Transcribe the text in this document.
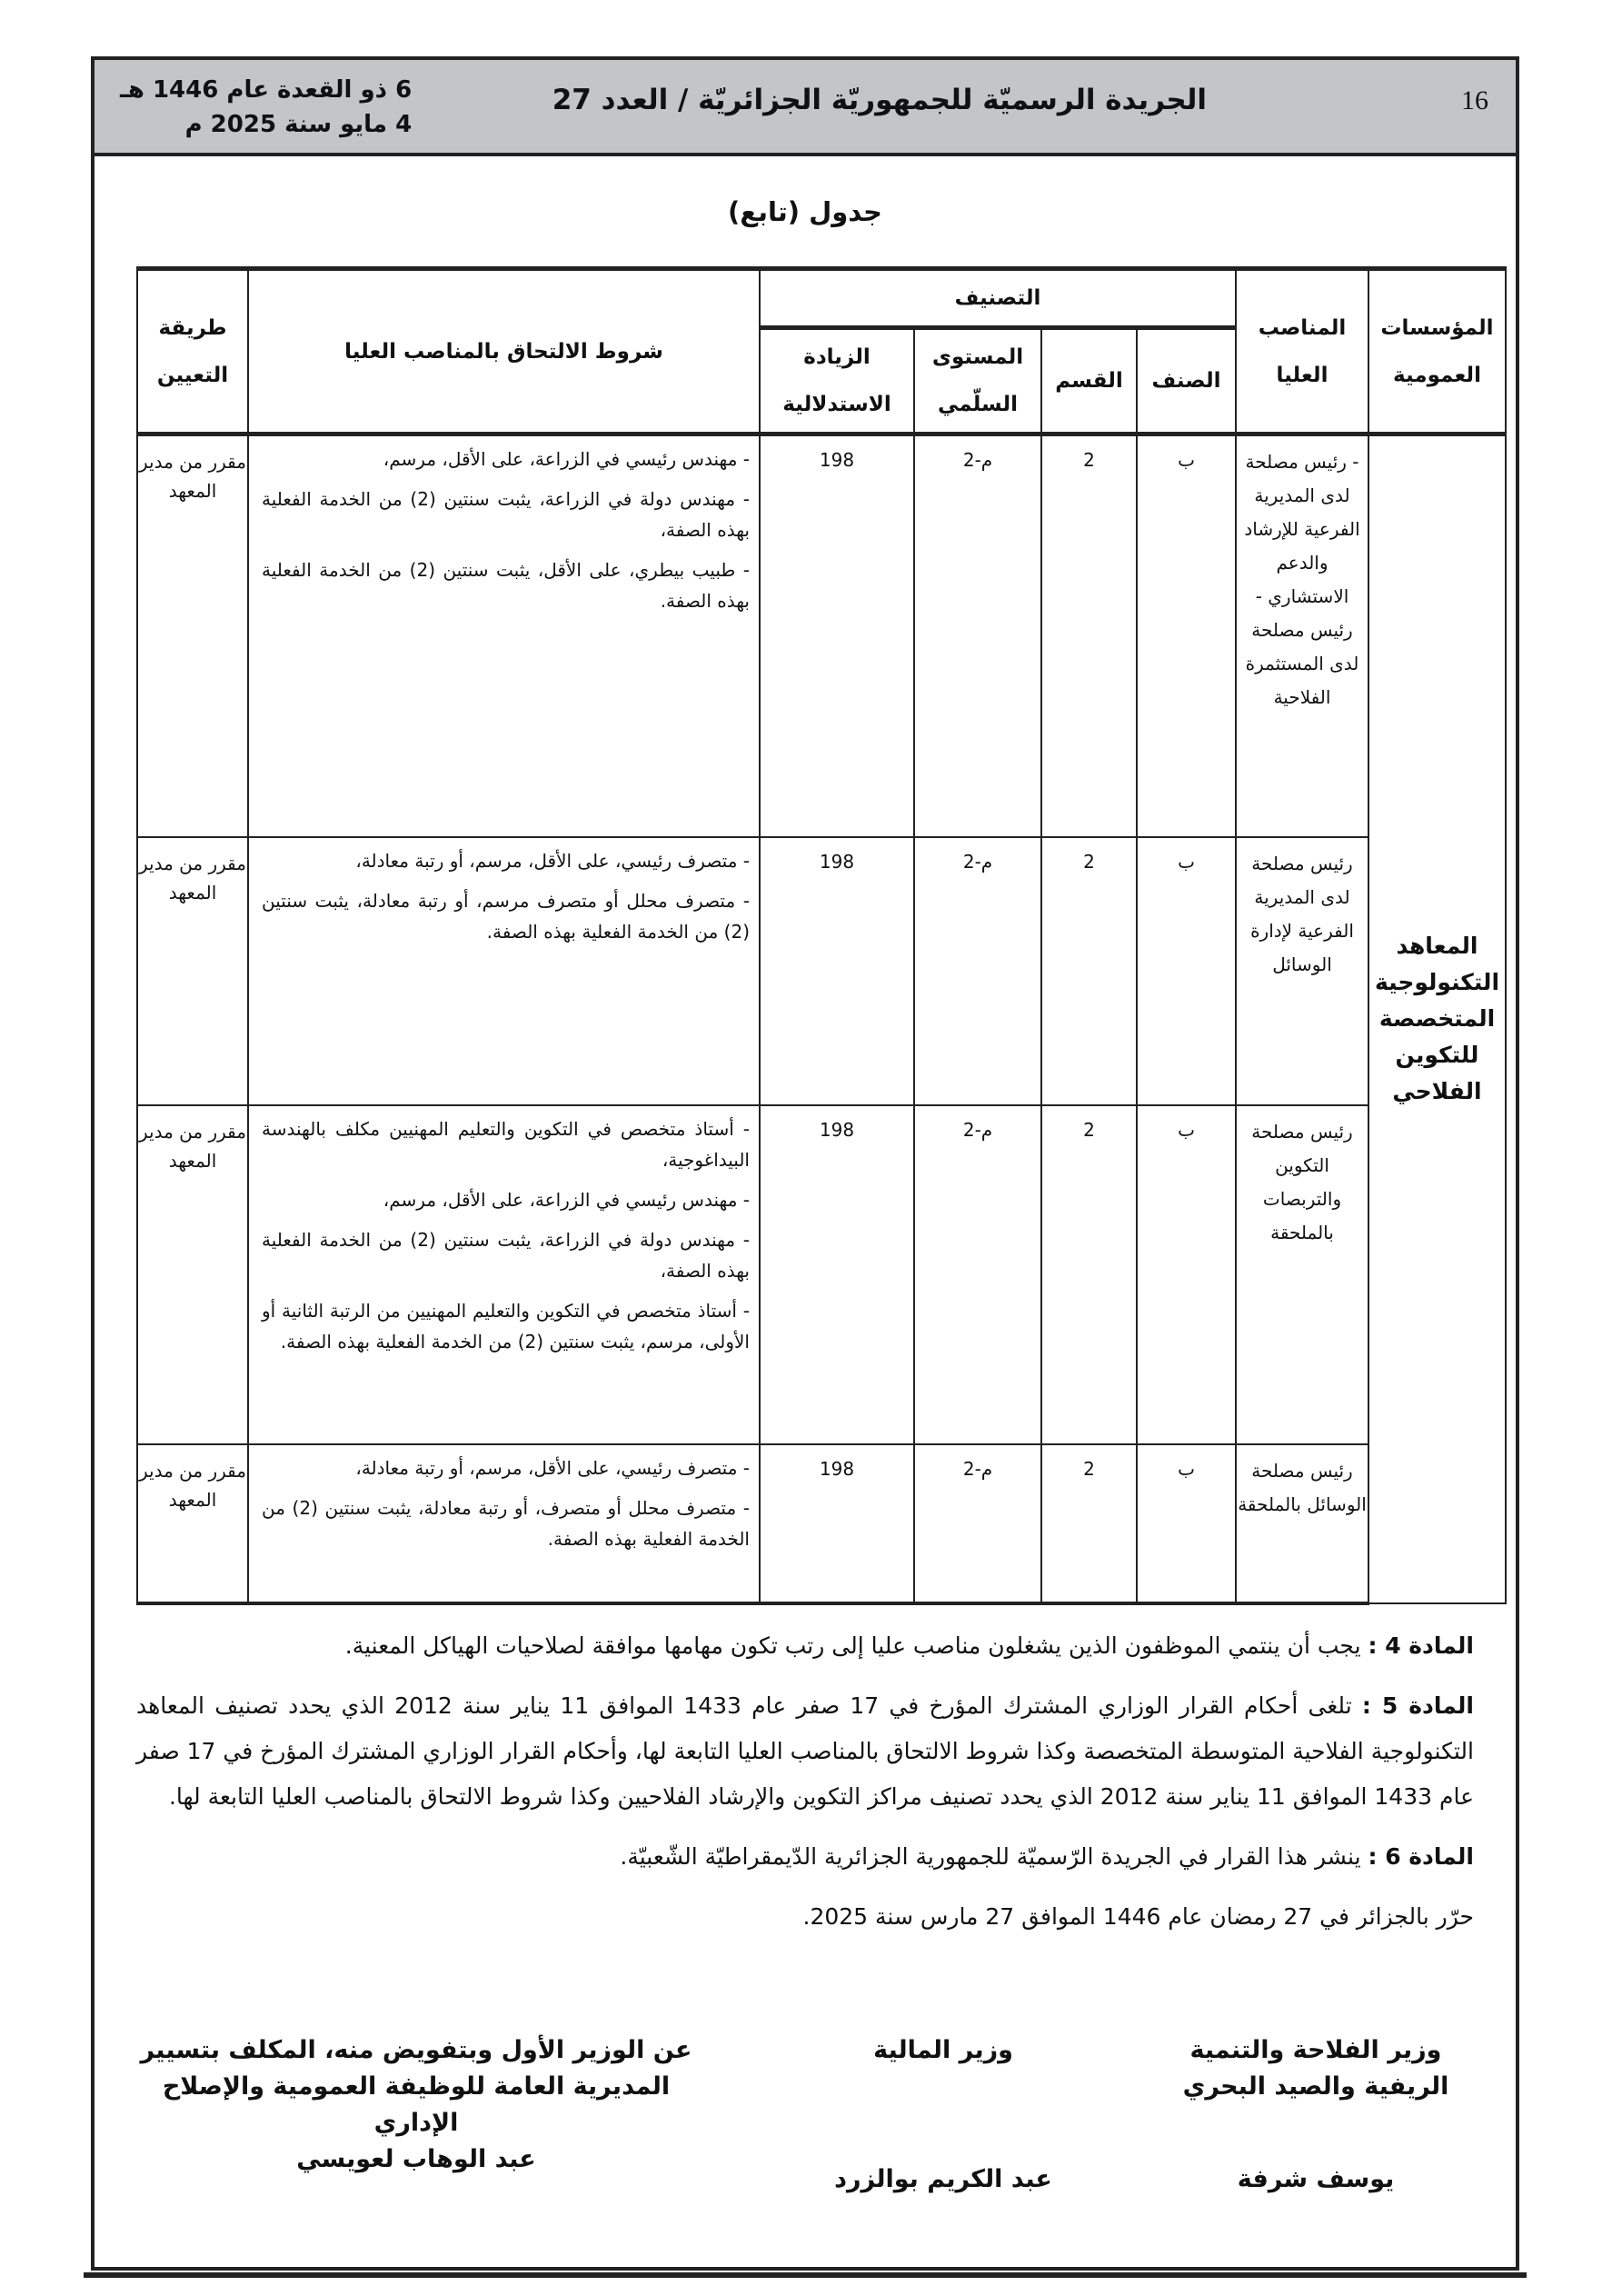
16
الجريدة الرسميّة للجمهوريّة الجزائريّة / العدد 27
6 ذو القعدة عام 1446 هـ
4 مايو سنة 2025 م
جدول (تابع)
المؤسسات العمومية	المناصب العليا	التصنيف				شروط الالتحاق بالمناصب العليا	طريقة التعيين
		الصنف	القسم	المستوى السلّمي	الزيادة الاستدلالية		
المعاهد التكنولوجية المتخصصة للتكوين الفلاحي	- رئيس مصلحة لدى المديرية الفرعية للإرشاد والدعم الاستشاري - رئيس مصلحة لدى المستثمرة الفلاحية	ب	2	م-2	198	- مهندس رئيسي في الزراعة، على الأقل، مرسم،

- مهندس دولة في الزراعة، يثبت سنتين (2) من الخدمة الفعلية بهذه الصفة،

- طبيب بيطري، على الأقل، يثبت سنتين (2) من الخدمة الفعلية بهذه الصفة.	مقرر من مدير المعهد
	رئيس مصلحة لدى المديرية الفرعية لإدارة الوسائل	ب	2	م-2	198	- متصرف رئيسي، على الأقل، مرسم، أو رتبة معادلة،

- متصرف محلل أو متصرف مرسم، أو رتبة معادلة، يثبت سنتين (2) من الخدمة الفعلية بهذه الصفة.	مقرر من مدير المعهد
	رئيس مصلحة التكوين والتربصات بالملحقة	ب	2	م-2	198	- أستاذ متخصص في التكوين والتعليم المهنيين مكلف بالهندسة البيداغوجية،

- مهندس رئيسي في الزراعة، على الأقل، مرسم،

- مهندس دولة في الزراعة، يثبت سنتين (2) من الخدمة الفعلية بهذه الصفة،

- أستاذ متخصص في التكوين والتعليم المهنيين من الرتبة الثانية أو الأولى، مرسم، يثبت سنتين (2) من الخدمة الفعلية بهذه الصفة.	مقرر من مدير المعهد
	رئيس مصلحة الوسائل بالملحقة	ب	2	م-2	198	- متصرف رئيسي، على الأقل، مرسم، أو رتبة معادلة،

- متصرف محلل أو متصرف، أو رتبة معادلة، يثبت سنتين (2) من الخدمة الفعلية بهذه الصفة.	مقرر من مدير المعهد

المادة 4 : يجب أن ينتمي الموظفون الذين يشغلون مناصب عليا إلى رتب تكون مهامها موافقة لصلاحيات الهياكل المعنية.

المادة 5 : تلغى أحكام القرار الوزاري المشترك المؤرخ في 17 صفر عام 1433 الموافق 11 يناير سنة 2012 الذي يحدد تصنيف المعاهد التكنولوجية الفلاحية المتوسطة المتخصصة وكذا شروط الالتحاق بالمناصب العليا التابعة لها، وأحكام القرار الوزاري المشترك المؤرخ في 17 صفر عام 1433 الموافق 11 يناير سنة 2012 الذي يحدد تصنيف مراكز التكوين والإرشاد الفلاحيين وكذا شروط الالتحاق بالمناصب العليا التابعة لها.

المادة 6 : ينشر هذا القرار في الجريدة الرّسميّة للجمهورية الجزائرية الدّيمقراطيّة الشّعبيّة.

حرّر بالجزائر في 27 رمضان عام 1446 الموافق 27 مارس سنة 2025.

وزير الفلاحة والتنمية الريفية والصيد البحري
يوسف شرفة
وزير المالية
عبد الكريم بوالزرد
عن الوزير الأول وبتفويض منه، المكلف بتسيير المديرية العامة للوظيفة العمومية والإصلاح الإداري
عبد الوهاب لعويسي
